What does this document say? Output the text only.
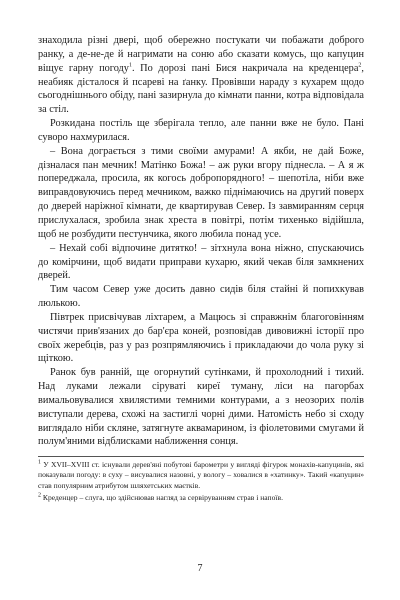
знаходила різні двері, щоб обережно постукати чи побажати доброго ранку, а де-не-де й нагримати на соню або сказати комусь, що капуцин віщує гарну погоду$^1$. По дорозі пані Бися накричала на креденцера$^2$, неабияк дісталося й псареві на ґанку. Провівши нараду з кухарем щодо сьогоднішнього обіду, пані зазирнула до кімнати панни, котра відповідала за стіл.

Розкидана постіль ще зберігала тепло, але панни вже не було. Пані суворо нахмурилася.

– Вона догрaється з тими своїми амурами! А якби, не дай Боже, дізналася пан мечник! Матінко Божа! – аж руки вгору піднесла. – А я ж попереджала, просила, як когось добропорядного! – шепотіла, ніби вже виправдовуючись перед мечником, важко піднімаючись на другий поверх до дверей наріжної кімнати, де квартирував Север. Із завмиранням серця прислухалася, зробила знак хреста в повітрі, потім тихенько відійшла, щоб не розбудити пестунчика, якого любила понад усе.

– Нехай собі відпочине дитятко! – зітхнула вона ніжно, спускаючись до комірчини, щоб видати приправи кухарю, який чекав біля замкнених дверей.

Тим часом Север уже досить давно сидів біля стайні й попихкував люлькою.

Півтрек присвічував ліхтарем, а Мацюсь зі справжнім благоговінням чистячи прив'язаних до бар'єра коней, розповідав дивовижні історії про своїх жеребців, раз у раз розпрямляючись і прикладаючи до чола руку зі щіткою.

Ранок був ранній, ще огорнутий сутінками, й прохолодний і тихий. Над луками лежали сіруваті кирeї туману, ліси на пагорбах вимальовувалися хвилястими темними контурами, а з неозорих полів виступали дерева, схожі на застиглі чорні дими. Натомість небо зі сходу виглядало ніби скляне, затягнуте аквамарином, із фіолетовими смугами й полум'яними відблисками наближення сонця.

$^1$ У XVII–XVIII ст. існували дерев'яні побутові барометри у вигляді фігурок монахів-капуцинів, які показували погоду: в суху – висувалися назовні, у вологу – ховалися в «хатинку». Такий «капуцин» став популярним атрибутом шляхетських маєтків.

$^2$ Креденцер – слуга, що здійснював нагляд за сервіруванням страв і напоїв.

7
